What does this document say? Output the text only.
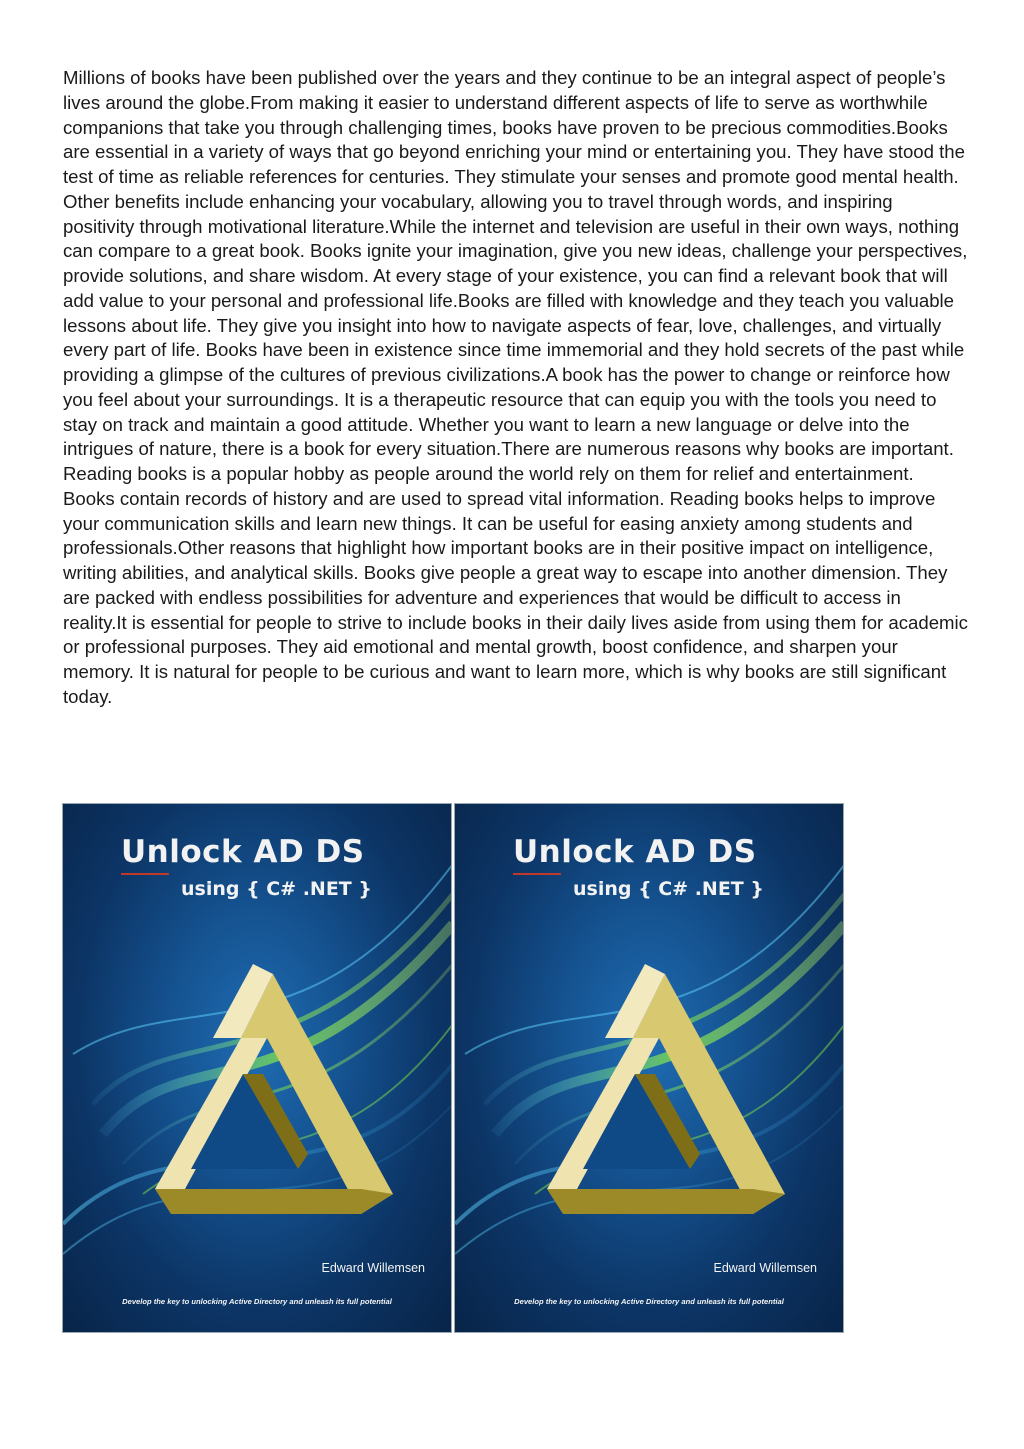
Millions of books have been published over the years and they continue to be an integral aspect of people’s lives around the globe.From making it easier to understand different aspects of life to serve as worthwhile companions that take you through challenging times, books have proven to be precious commodities.Books are essential in a variety of ways that go beyond enriching your mind or entertaining you. They have stood the test of time as reliable references for centuries. They stimulate your senses and promote good mental health. Other benefits include enhancing your vocabulary, allowing you to travel through words, and inspiring positivity through motivational literature.While the internet and television are useful in their own ways, nothing can compare to a great book. Books ignite your imagination, give you new ideas, challenge your perspectives, provide solutions, and share wisdom. At every stage of your existence, you can find a relevant book that will add value to your personal and professional life.Books are filled with knowledge and they teach you valuable lessons about life. They give you insight into how to navigate aspects of fear, love, challenges, and virtually every part of life. Books have been in existence since time immemorial and they hold secrets of the past while providing a glimpse of the cultures of previous civilizations.A book has the power to change or reinforce how you feel about your surroundings. It is a therapeutic resource that can equip you with the tools you need to stay on track and maintain a good attitude. Whether you want to learn a new language or delve into the intrigues of nature, there is a book for every situation.There are numerous reasons why books are important. Reading books is a popular hobby as people around the world rely on them for relief and entertainment. Books contain records of history and are used to spread vital information. Reading books helps to improve your communication skills and learn new things. It can be useful for easing anxiety among students and professionals.Other reasons that highlight how important books are in their positive impact on intelligence, writing abilities, and analytical skills. Books give people a great way to escape into another dimension. They are packed with endless possibilities for adventure and experiences that would be difficult to access in reality.It is essential for people to strive to include books in their daily lives aside from using them for academic or professional purposes. They aid emotional and mental growth, boost confidence, and sharpen your memory. It is natural for people to be curious and want to learn more, which is why books are still significant today.

Unlock AD DS
using { C# .NET }
Edward Willemsen
Develop the key to unlocking Active Directory and unleash its full potential
Unlock AD DS
using { C# .NET }
Edward Willemsen
Develop the key to unlocking Active Directory and unleash its full potential
